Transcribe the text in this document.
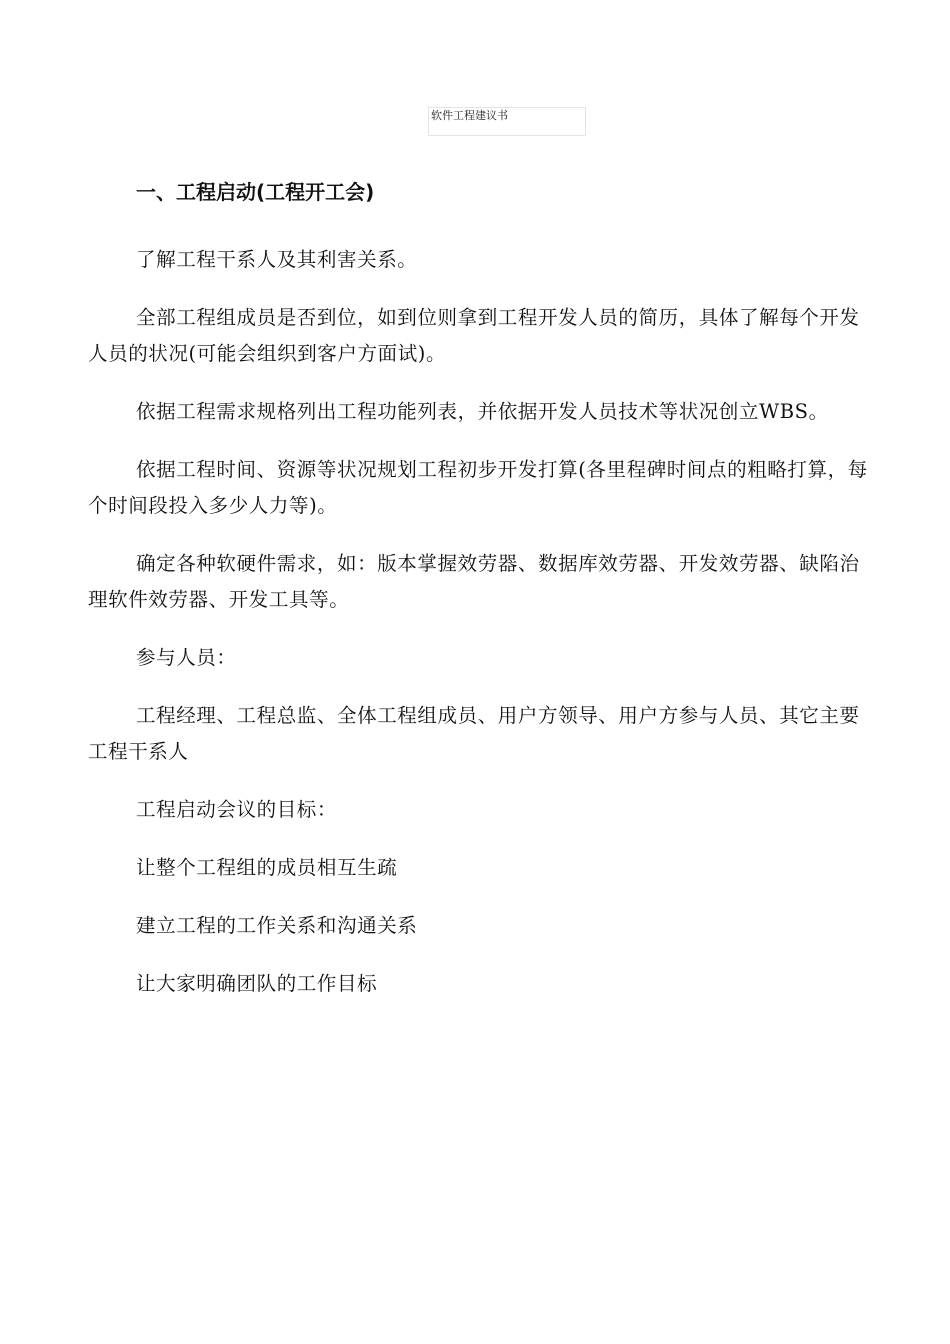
软件工程建议书
一、工程启动(工程开工会)

了解工程干系人及其利害关系。

全部工程组成员是否到位，如到位则拿到工程开发人员的简历，具体了解每个开发人员的状况(可能会组织到客户方面试)。

依据工程需求规格列出工程功能列表，并依据开发人员技术等状况创立WBS。

依据工程时间、资源等状况规划工程初步开发打算(各里程碑时间点的粗略打算，每个时间段投入多少人力等)。

确定各种软硬件需求，如：版本掌握效劳器、数据库效劳器、开发效劳器、缺陷治理软件效劳器、开发工具等。

参与人员：

工程经理、工程总监、全体工程组成员、用户方领导、用户方参与人员、其它主要工程干系人

工程启动会议的目标：

让整个工程组的成员相互生疏

建立工程的工作关系和沟通关系

让大家明确团队的工作目标
